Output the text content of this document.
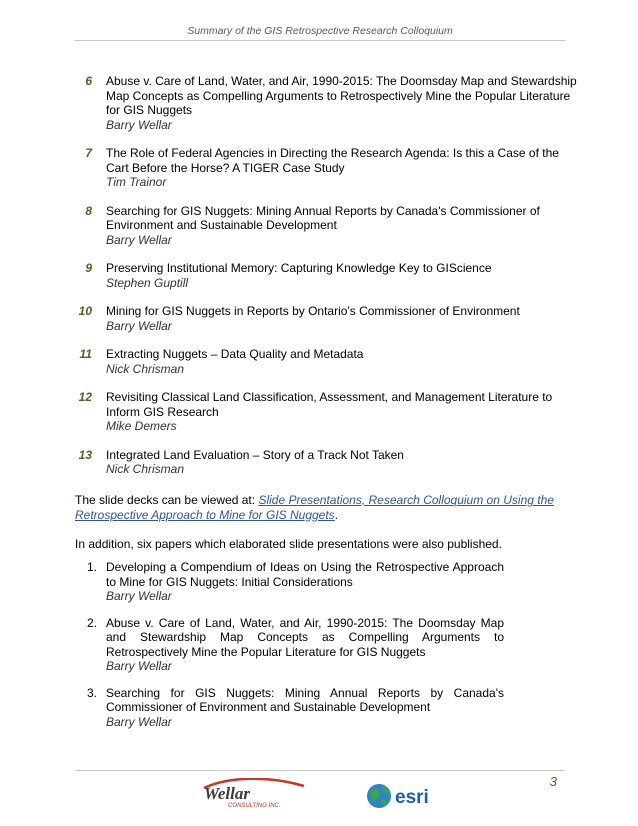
Summary of the GIS Retrospective Research Colloquium
6 Abuse v. Care of Land, Water, and Air, 1990-2015: The Doomsday Map and Stewardship Map Concepts as Compelling Arguments to Retrospectively Mine the Popular Literature for GIS Nuggets
Barry Wellar
7 The Role of Federal Agencies in Directing the Research Agenda: Is this a Case of the Cart Before the Horse? A TIGER Case Study
Tim Trainor
8 Searching for GIS Nuggets: Mining Annual Reports by Canada's Commissioner of Environment and Sustainable Development
Barry Wellar
9 Preserving Institutional Memory: Capturing Knowledge Key to GIScience
Stephen Guptill
10 Mining for GIS Nuggets in Reports by Ontario's Commissioner of Environment
Barry Wellar
11 Extracting Nuggets – Data Quality and Metadata
Nick Chrisman
12 Revisiting Classical Land Classification, Assessment, and Management Literature to Inform GIS Research
Mike Demers
13 Integrated Land Evaluation – Story of a Track Not Taken
Nick Chrisman
The slide decks can be viewed at: Slide Presentations, Research Colloquium on Using the Retrospective Approach to Mine for GIS Nuggets.
In addition, six papers which elaborated slide presentations were also published.
1. Developing a Compendium of Ideas on Using the Retrospective Approach to Mine for GIS Nuggets: Initial Considerations
Barry Wellar
2. Abuse v. Care of Land, Water, and Air, 1990-2015: The Doomsday Map and Stewardship Map Concepts as Compelling Arguments to Retrospectively Mine the Popular Literature for GIS Nuggets
Barry Wellar
3. Searching for GIS Nuggets: Mining Annual Reports by Canada's Commissioner of Environment and Sustainable Development
Barry Wellar
Wellar
CONSULTING INC.	esri
3
